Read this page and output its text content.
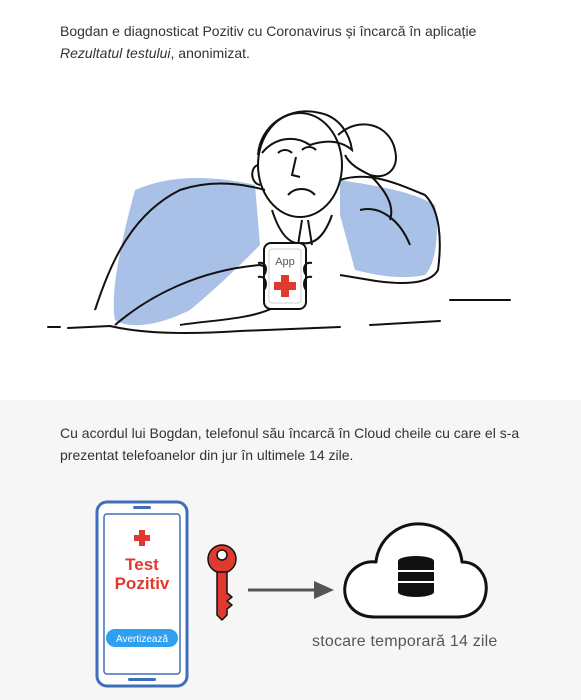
Bogdan e diagnosticat Pozitiv cu Coronavirus și încarcă în aplicație
Rezultatul testului, anonimizat.

App

Cu acordul lui Bogdan, telefonul său încarcă în Cloud cheile cu care el s-a prezentat telefoanelor din jur în ultimele 14 zile.

Test
Pozitiv
Avertizează	stocare temporară 14 zile
